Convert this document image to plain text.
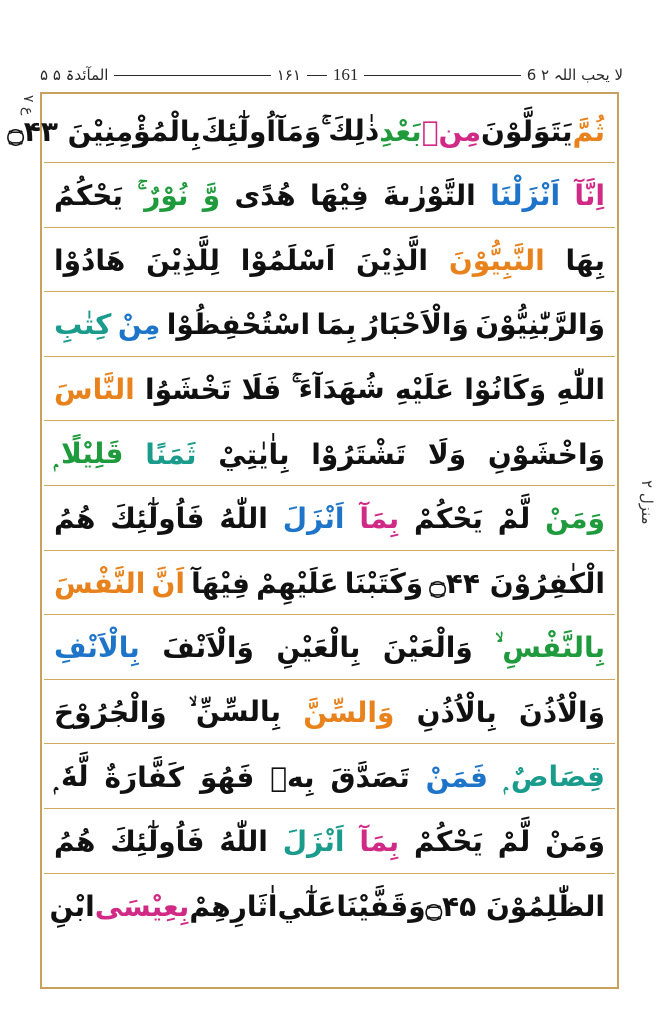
۵ المآئدۃ ۵	۱۶۱ 161	6 لا یحب اللہ ۲
ع ۷
منزل ۲
ثُمَّ
يَتَوَلَّوْنَ
مِنۢ
بَعْدِ
ذٰلِكَ ۚ
وَمَآ
اُولٰٓئِكَ
بِالْمُؤْمِنِيْنَ ۝۴۳
اِنَّآ
اَنْزَلْنَا
التَّوْرٰىةَ
فِيْهَا
هُدًى
وَّ
نُوْرٌ ۚ
يَحْكُمُ
بِهَا
النَّبِيُّوْنَ
الَّذِيْنَ
اَسْلَمُوْا
لِلَّذِيْنَ
هَادُوْا
وَالرَّبّٰنِيُّوْنَ
وَالْاَحْبَارُ
بِمَا
اسْتُحْفِظُوْا
مِنْ
كِتٰبِ
اللّٰهِ
وَكَانُوْا
عَلَيْهِ
شُهَدَآءَ ۚ
فَلَا
تَخْشَوُا
النَّاسَ
وَاخْشَوْنِ
وَلَا
تَشْتَرُوْا
بِاٰيٰتِيْ
ثَمَنًا
قَلِيْلًا ۭ
وَمَنْ
لَّمْ
يَحْكُمْ
بِمَآ
اَنْزَلَ
اللّٰهُ
فَاُولٰٓئِكَ
هُمُ
الْكٰفِرُوْنَ ۝۴۴
وَكَتَبْنَا
عَلَيْهِمْ
فِيْهَآ
اَنَّ
النَّفْسَ
بِالنَّفْسِ ۙ
وَالْعَيْنَ
بِالْعَيْنِ
وَالْاَنْفَ
بِالْاَنْفِ
وَالْاُذُنَ
بِالْاُذُنِ
وَالسِّنَّ
بِالسِّنِّ ۙ
وَالْجُرُوْحَ
قِصَاصٌ ۭ
فَمَنْ
تَصَدَّقَ
بِهٖ
فَهُوَ
كَفَّارَةٌ
لَّهٗ ۭ
وَمَنْ
لَّمْ
يَحْكُمْ
بِمَآ
اَنْزَلَ
اللّٰهُ
فَاُولٰٓئِكَ
هُمُ
الظّٰلِمُوْنَ ۝۴۵
وَقَفَّيْنَا
عَلٰٓي
اٰثَارِهِمْ
بِعِيْسَى
ابْنِ
